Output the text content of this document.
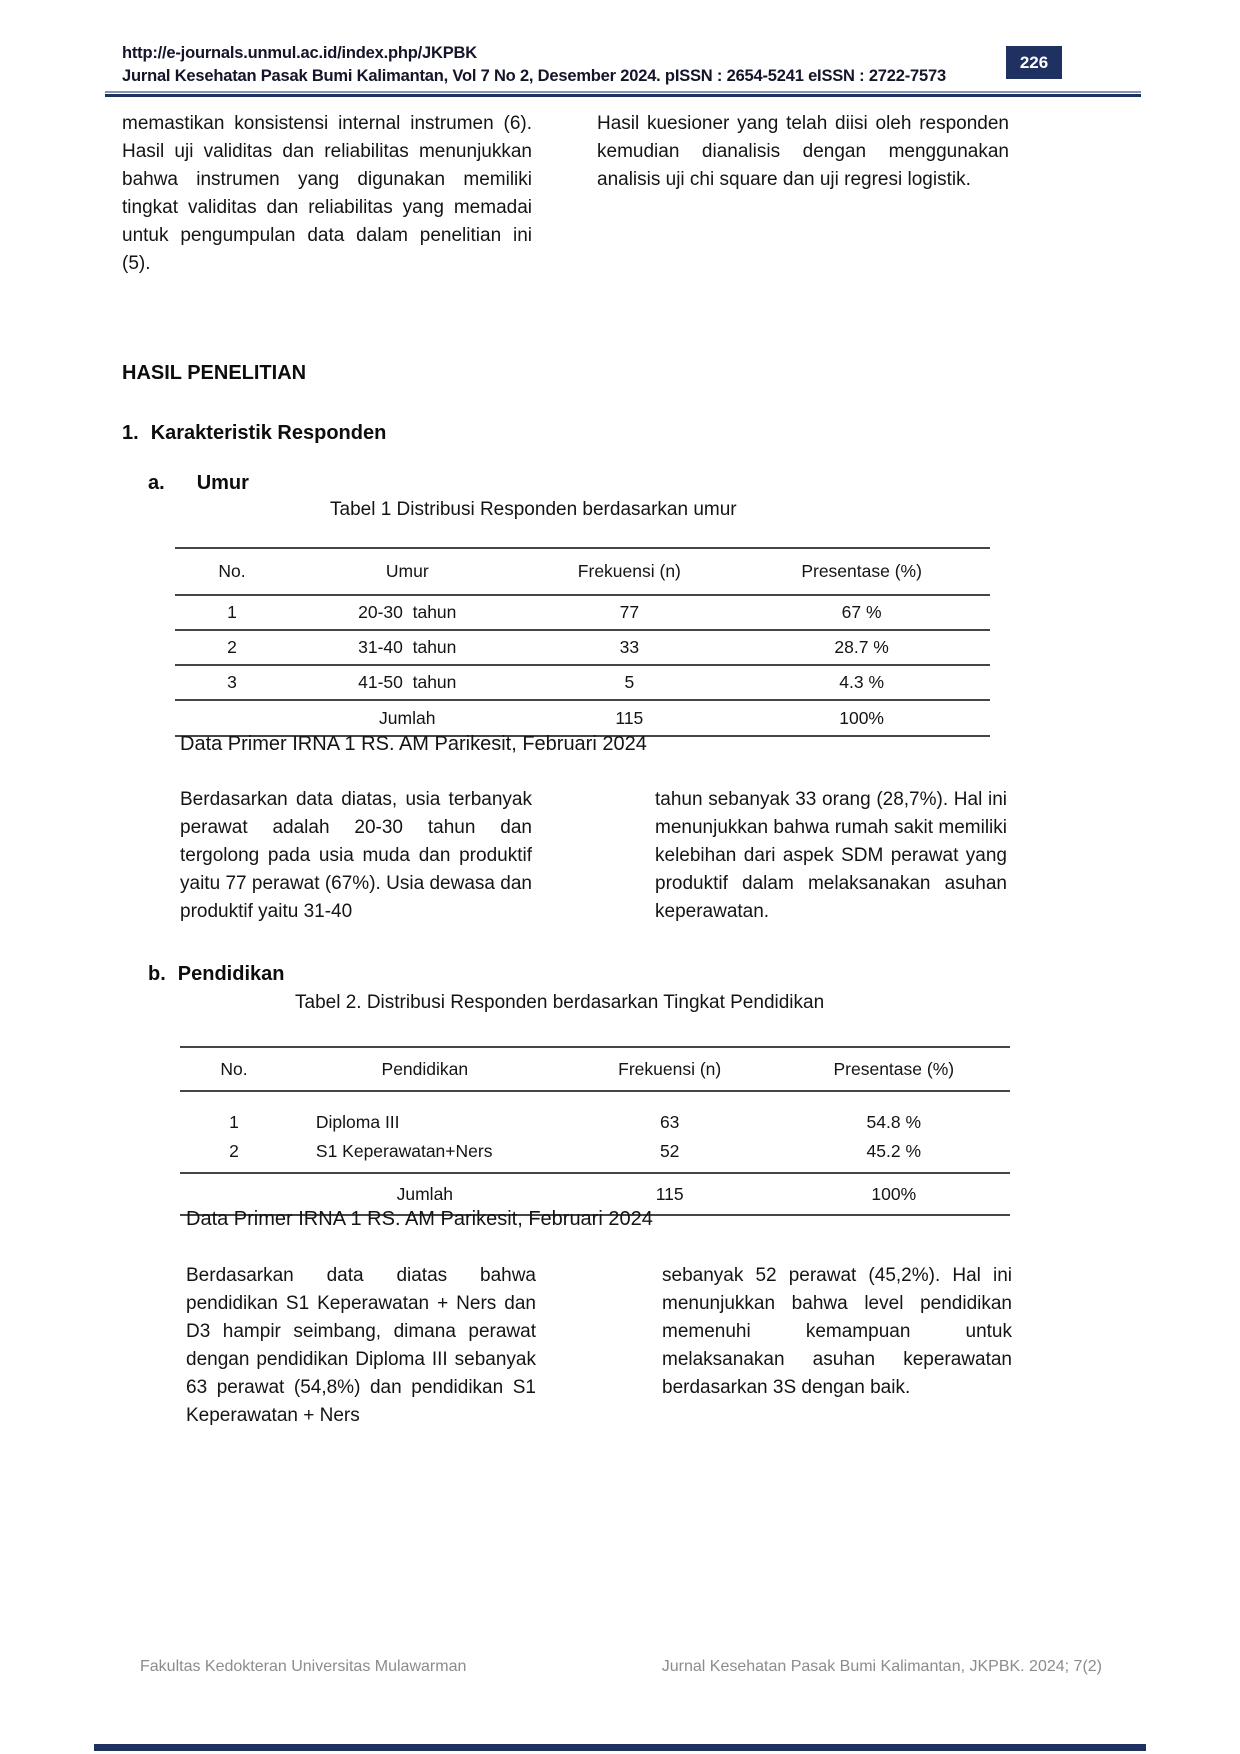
http://e-journals.unmul.ac.id/index.php/JKPBK
Jurnal Kesehatan Pasak Bumi Kalimantan, Vol 7 No 2, Desember 2024. pISSN : 2654-5241 eISSN : 2722-7573
226
memastikan konsistensi internal instrumen (6). Hasil uji validitas dan reliabilitas menunjukkan bahwa instrumen yang digunakan memiliki tingkat validitas dan reliabilitas yang memadai untuk pengumpulan data dalam penelitian ini (5).
Hasil kuesioner yang telah diisi oleh responden kemudian dianalisis dengan menggunakan analisis uji chi square dan uji regresi logistik.
HASIL PENELITIAN
1. Karakteristik Responden
a. Umur
Tabel 1 Distribusi Responden berdasarkan umur
No.	Umur	Frekuensi (n)	Presentase (%)
1	20-30  tahun	77	67 %
2	31-40  tahun	33	28.7 %
3	41-50  tahun	5	4.3 %
	Jumlah	115	100%
Data Primer IRNA 1 RS. AM Parikesit, Februari 2024
Berdasarkan data diatas, usia terbanyak perawat adalah 20-30 tahun dan tergolong pada usia muda dan produktif yaitu 77 perawat (67%). Usia dewasa dan produktif yaitu 31-40
tahun sebanyak 33 orang (28,7%). Hal ini menunjukkan bahwa rumah sakit memiliki kelebihan dari aspek SDM perawat yang produktif dalam melaksanakan asuhan keperawatan.
b. Pendidikan
Tabel 2. Distribusi Responden berdasarkan Tingkat Pendidikan
No.	Pendidikan	Frekuensi (n)	Presentase (%)
1	Diploma III	63	54.8 %
2	S1 Keperawatan+Ners	52	45.2 %
	Jumlah	115	100%
Data Primer IRNA 1 RS. AM Parikesit, Februari 2024
Berdasarkan data diatas bahwa pendidikan S1 Keperawatan + Ners dan D3 hampir seimbang, dimana perawat dengan pendidikan Diploma III sebanyak 63 perawat (54,8%) dan pendidikan S1 Keperawatan + Ners
sebanyak 52 perawat (45,2%). Hal ini menunjukkan bahwa level pendidikan memenuhi kemampuan untuk melaksanakan asuhan keperawatan berdasarkan 3S dengan baik.
Fakultas Kedokteran Universitas Mulawarman	Jurnal Kesehatan Pasak Bumi Kalimantan, JKPBK. 2024; 7(2)
